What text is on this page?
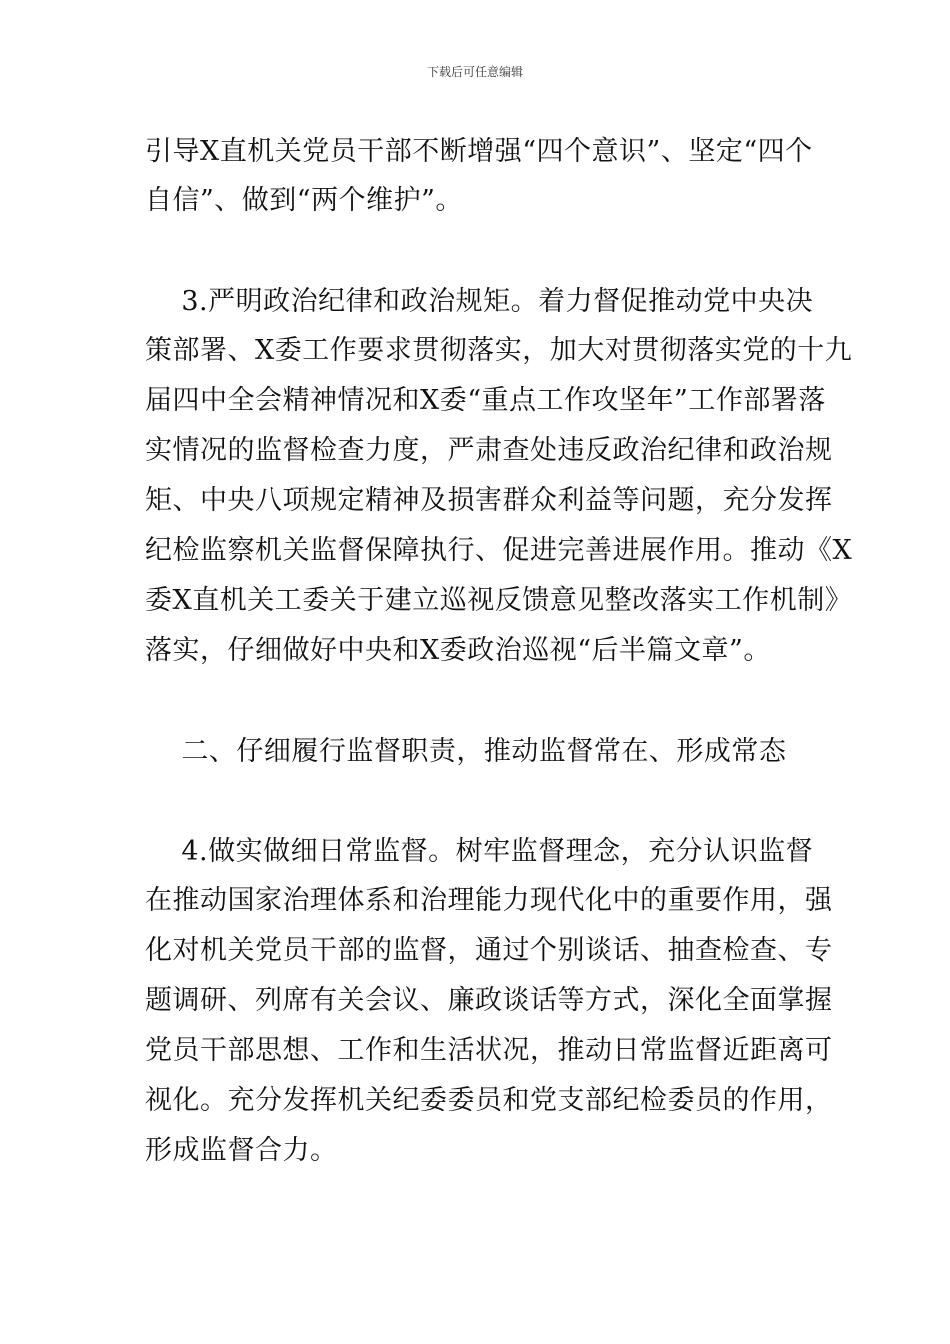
下载后可任意编辑
引导X直机关党员干部不断增强“四个意识”、坚定“四个
自信”、做到“两个维护”。
3.严明政治纪律和政治规矩。着力督促推动党中央决
策部署、X委工作要求贯彻落实，加大对贯彻落实党的十九
届四中全会精神情况和X委“重点工作攻坚年”工作部署落
实情况的监督检查力度，严肃查处违反政治纪律和政治规
矩、中央八项规定精神及损害群众利益等问题，充分发挥
纪检监察机关监督保障执行、促进完善进展作用。推动《X
委X直机关工委关于建立巡视反馈意见整改落实工作机制》
落实，仔细做好中央和X委政治巡视“后半篇文章”。
二、仔细履行监督职责，推动监督常在、形成常态
4.做实做细日常监督。树牢监督理念，充分认识监督
在推动国家治理体系和治理能力现代化中的重要作用，强
化对机关党员干部的监督，通过个别谈话、抽查检查、专
题调研、列席有关会议、廉政谈话等方式，深化全面掌握
党员干部思想、工作和生活状况，推动日常监督近距离可
视化。充分发挥机关纪委委员和党支部纪检委员的作用，
形成监督合力。
